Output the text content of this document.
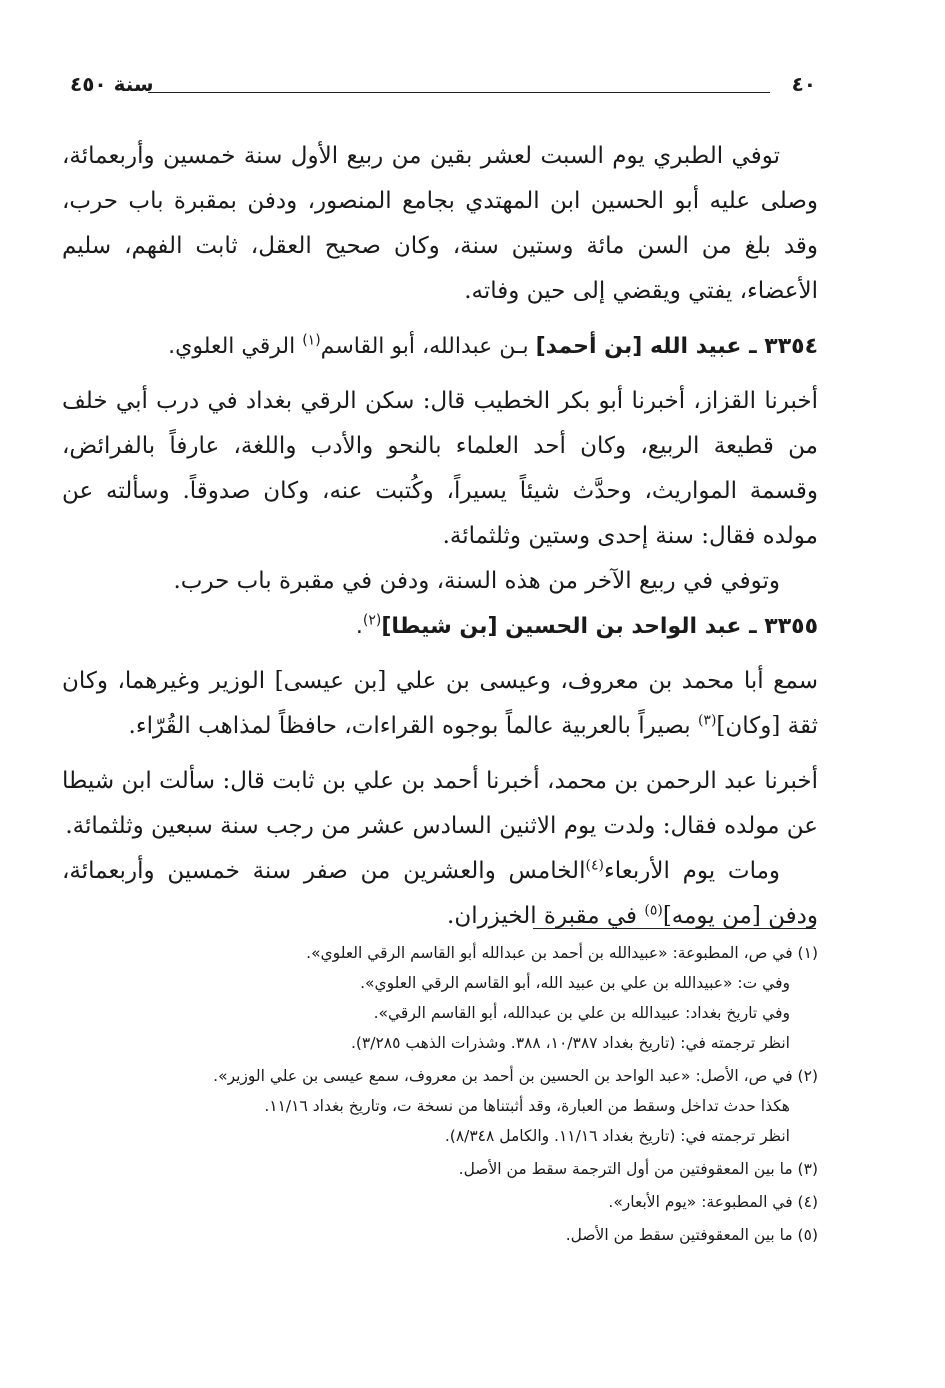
٤٠
سنة ٤٥٠

توفي الطبري يوم السبت لعشر بقين من ربيع الأول سنة خمسين وأربعمائة، وصلى عليه أبو الحسين ابن المهتدي بجامع المنصور، ودفن بمقبرة باب حرب، وقد بلغ من السن مائة وستين سنة، وكان صحيح العقل، ثابت الفهم، سليم الأعضاء، يفتي ويقضي إلى حين وفاته.

٣٣٥٤ ـ عبيد الله [بن أحمد] بـن عبدالله، أبو القاسم$^{(١)}$ الرقي العلوي.

أخبرنا القزاز، أخبرنا أبو بكر الخطيب قال: سكن الرقي بغداد في درب أبي خلف من قطيعة الربيع، وكان أحد العلماء بالنحو والأدب واللغة، عارفاً بالفرائض، وقسمة المواريث، وحدَّث شيئاً يسيراً، وكُتبت عنه، وكان صدوقاً. وسألته عن مولده فقال: سنة إحدى وستين وثلثمائة.

وتوفي في ربيع الآخر من هذه السنة، ودفن في مقبرة باب حرب.

٣٣٥٥ ـ عبد الواحد بن الحسين [بن شيطا]$^{(٢)}$.

سمع أبا محمد بن معروف، وعيسى بن علي [بن عيسى] الوزير وغيرهما، وكان ثقة [وكان]$^{(٣)}$ بصيراً بالعربية عالماً بوجوه القراءات، حافظاً لمذاهب القُرّاء.

أخبرنا عبد الرحمن بن محمد، أخبرنا أحمد بن علي بن ثابت قال: سألت ابن شيطا عن مولده فقال: ولدت يوم الاثنين السادس عشر من رجب سنة سبعين وثلثمائة.

ومات يوم الأربعاء$^{(٤)}$الخامس والعشرين من صفر سنة خمسين وأربعمائة، ودفن [من يومه]$^{(٥)}$ في مقبرة الخيزران.

(١) في ص، المطبوعة: «عبيدالله بن أحمد بن عبدالله أبو القاسم الرقي العلوي».

وفي ت: «عبيدالله بن علي بن عبيد الله، أبو القاسم الرقي العلوي».

وفي تاريخ بغداد: عبيدالله بن علي بن عبدالله، أبو القاسم الرقي».

انظر ترجمته في: (تاريخ بغداد ١٠/٣٨٧، ٣٨٨. وشذرات الذهب ٣/٢٨٥).

(٢) في ص، الأصل: «عبد الواحد بن الحسين بن أحمد بن معروف، سمع عيسى بن علي الوزير».

هكذا حدث تداخل وسقط من العبارة، وقد أثبتناها من نسخة ت، وتاريخ بغداد ١١/١٦.

انظر ترجمته في: (تاريخ بغداد ١١/١٦. والكامل ٨/٣٤٨).

(٣) ما بين المعقوفتين من أول الترجمة سقط من الأصل.

(٤) في المطبوعة: «يوم الأبعار».

(٥) ما بين المعقوفتين سقط من الأصل.
